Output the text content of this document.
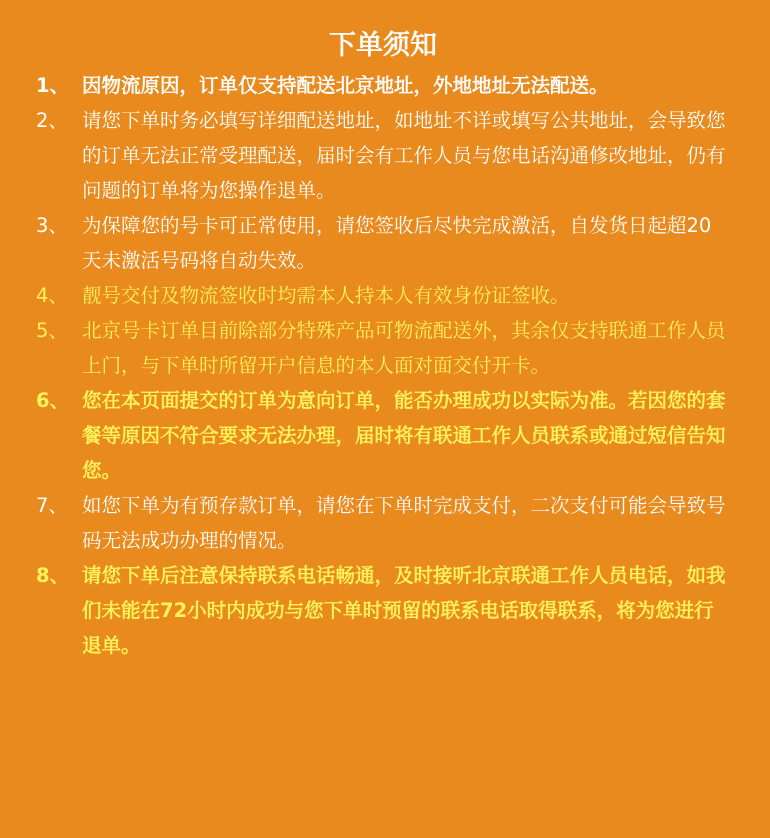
下单须知

1、 因物流原因，订单仅支持配送北京地址，外地地址无法配送。

2、 请您下单时务必填写详细配送地址，如地址不详或填写公共地址，会导致您的订单无法正常受理配送，届时会有工作人员与您电话沟通修改地址，仍有问题的订单将为您操作退单。

3、 为保障您的号卡可正常使用，请您签收后尽快完成激活，自发货日起超20天未激活号码将自动失效。

4、 靓号交付及物流签收时均需本人持本人有效身份证签收。

5、 北京号卡订单目前除部分特殊产品可物流配送外，其余仅支持联通工作人员上门，与下单时所留开户信息的本人面对面交付开卡。

6、 您在本页面提交的订单为意向订单，能否办理成功以实际为准。若因您的套餐等原因不符合要求无法办理，届时将有联通工作人员联系或通过短信告知您。

7、 如您下单为有预存款订单，请您在下单时完成支付，二次支付可能会导致号码无法成功办理的情况。

8、 请您下单后注意保持联系电话畅通，及时接听北京联通工作人员电话，如我们未能在72小时内成功与您下单时预留的联系电话取得联系，将为您进行退单。
